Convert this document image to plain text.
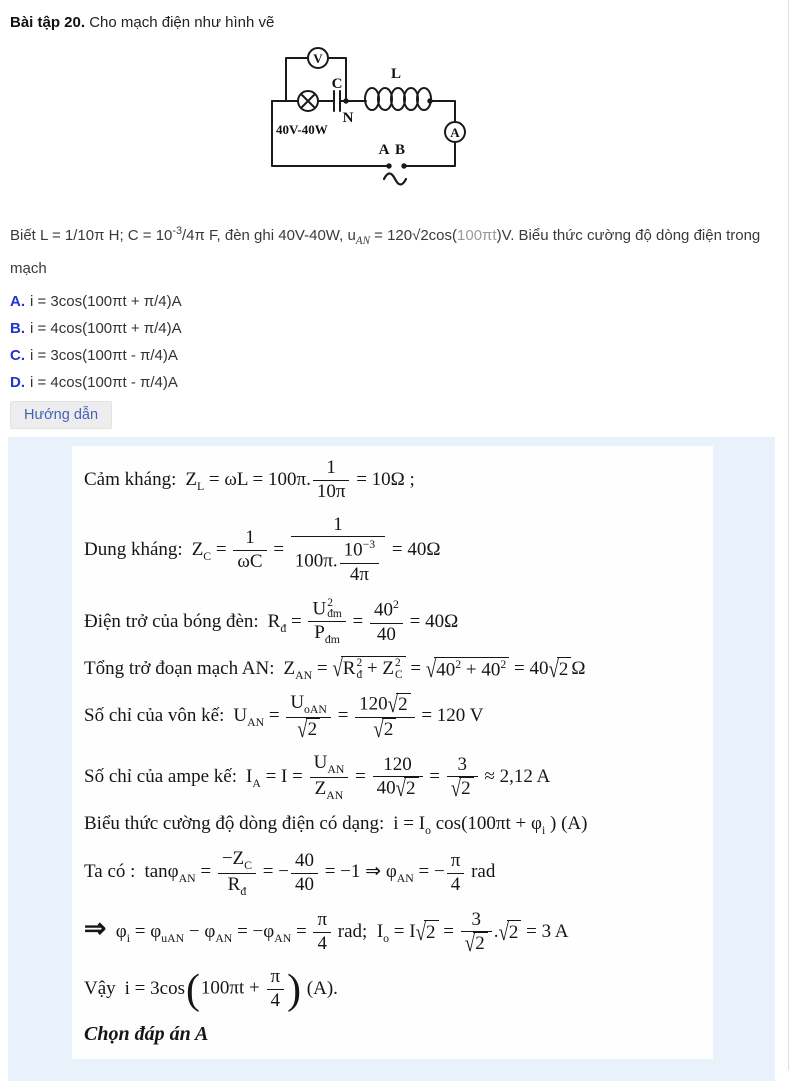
Bài tập 20. Cho mạch điện như hình vẽ
V
A
C
N
L
40V-40W
A B
Biết L = 1/10π H; $C = 10^{-3}/4\pi$ F, đèn ghi 40V-40W, $u_{AN} = 120√2\cos(100\pi t)V$. Biểu thức cường độ dòng điện trong mạch
A. i = 3cos(100πt + π/4)A
B. i = 4cos(100πt + π/4)A
C. i = 3cos(100πt - π/4)A
D. i = 4cos(100πt - π/4)A
Hướng dẫn
Cảm kháng: $Z_L = \omega L = 100\pi$. $\frac{1}{10\pi} = 10\Omega$ ;
Dung kháng: $Z_C = \frac{1}{\omega C} = \frac{1}{100\pi. \frac{10^{-3}}{4\pi}} = 40\Omega$
Điện trở của bóng đèn: $R_đ$ =
U 2
đm
$P_{đm}$
= $\frac{40^2}{40} = 40\Omega$
Tổng trở đoạn mạch AN: $Z_{AN} = √R$ 2
đ + Z 2
$C = √40^2 + 40^2 = 40√2$ Ω
Số chỉ của vôn kế: $U_{AN}$ =
$U_{oAN}$
√2
= $\frac{120√2}{√2} = 120$ V
Số chỉ của ampe kế: $I_A = I$ =
$U_{AN}$
$Z_{AN}$
= $\frac{120}{40√2} = \frac{3}{√2} \approx 2,12$ A
Biểu thức cường độ dòng điện có dạng: $i = I_o$ $\cos(100\pi t + \varphi_i$ ) (A)
Ta có : $\tan\varphi_{AN} = \frac{-Z_C}{R_đ}$ = − $\frac{40}{40} = -1$ ⇒ $\varphi_{AN}$ = − $\frac{\pi}{4}$ rad
⇒  $\varphi_i = \varphi_{uAN} - \varphi_{AN} = -\varphi_{AN} = \frac{\pi}{4}$ rad;  $I_o = I√2 = \frac{3}{√2} .√2 = 3$ A
Vậy i = 3cos ( $100\pi t + \frac{\pi}{4}$ ) (A).
Chọn đáp án A
